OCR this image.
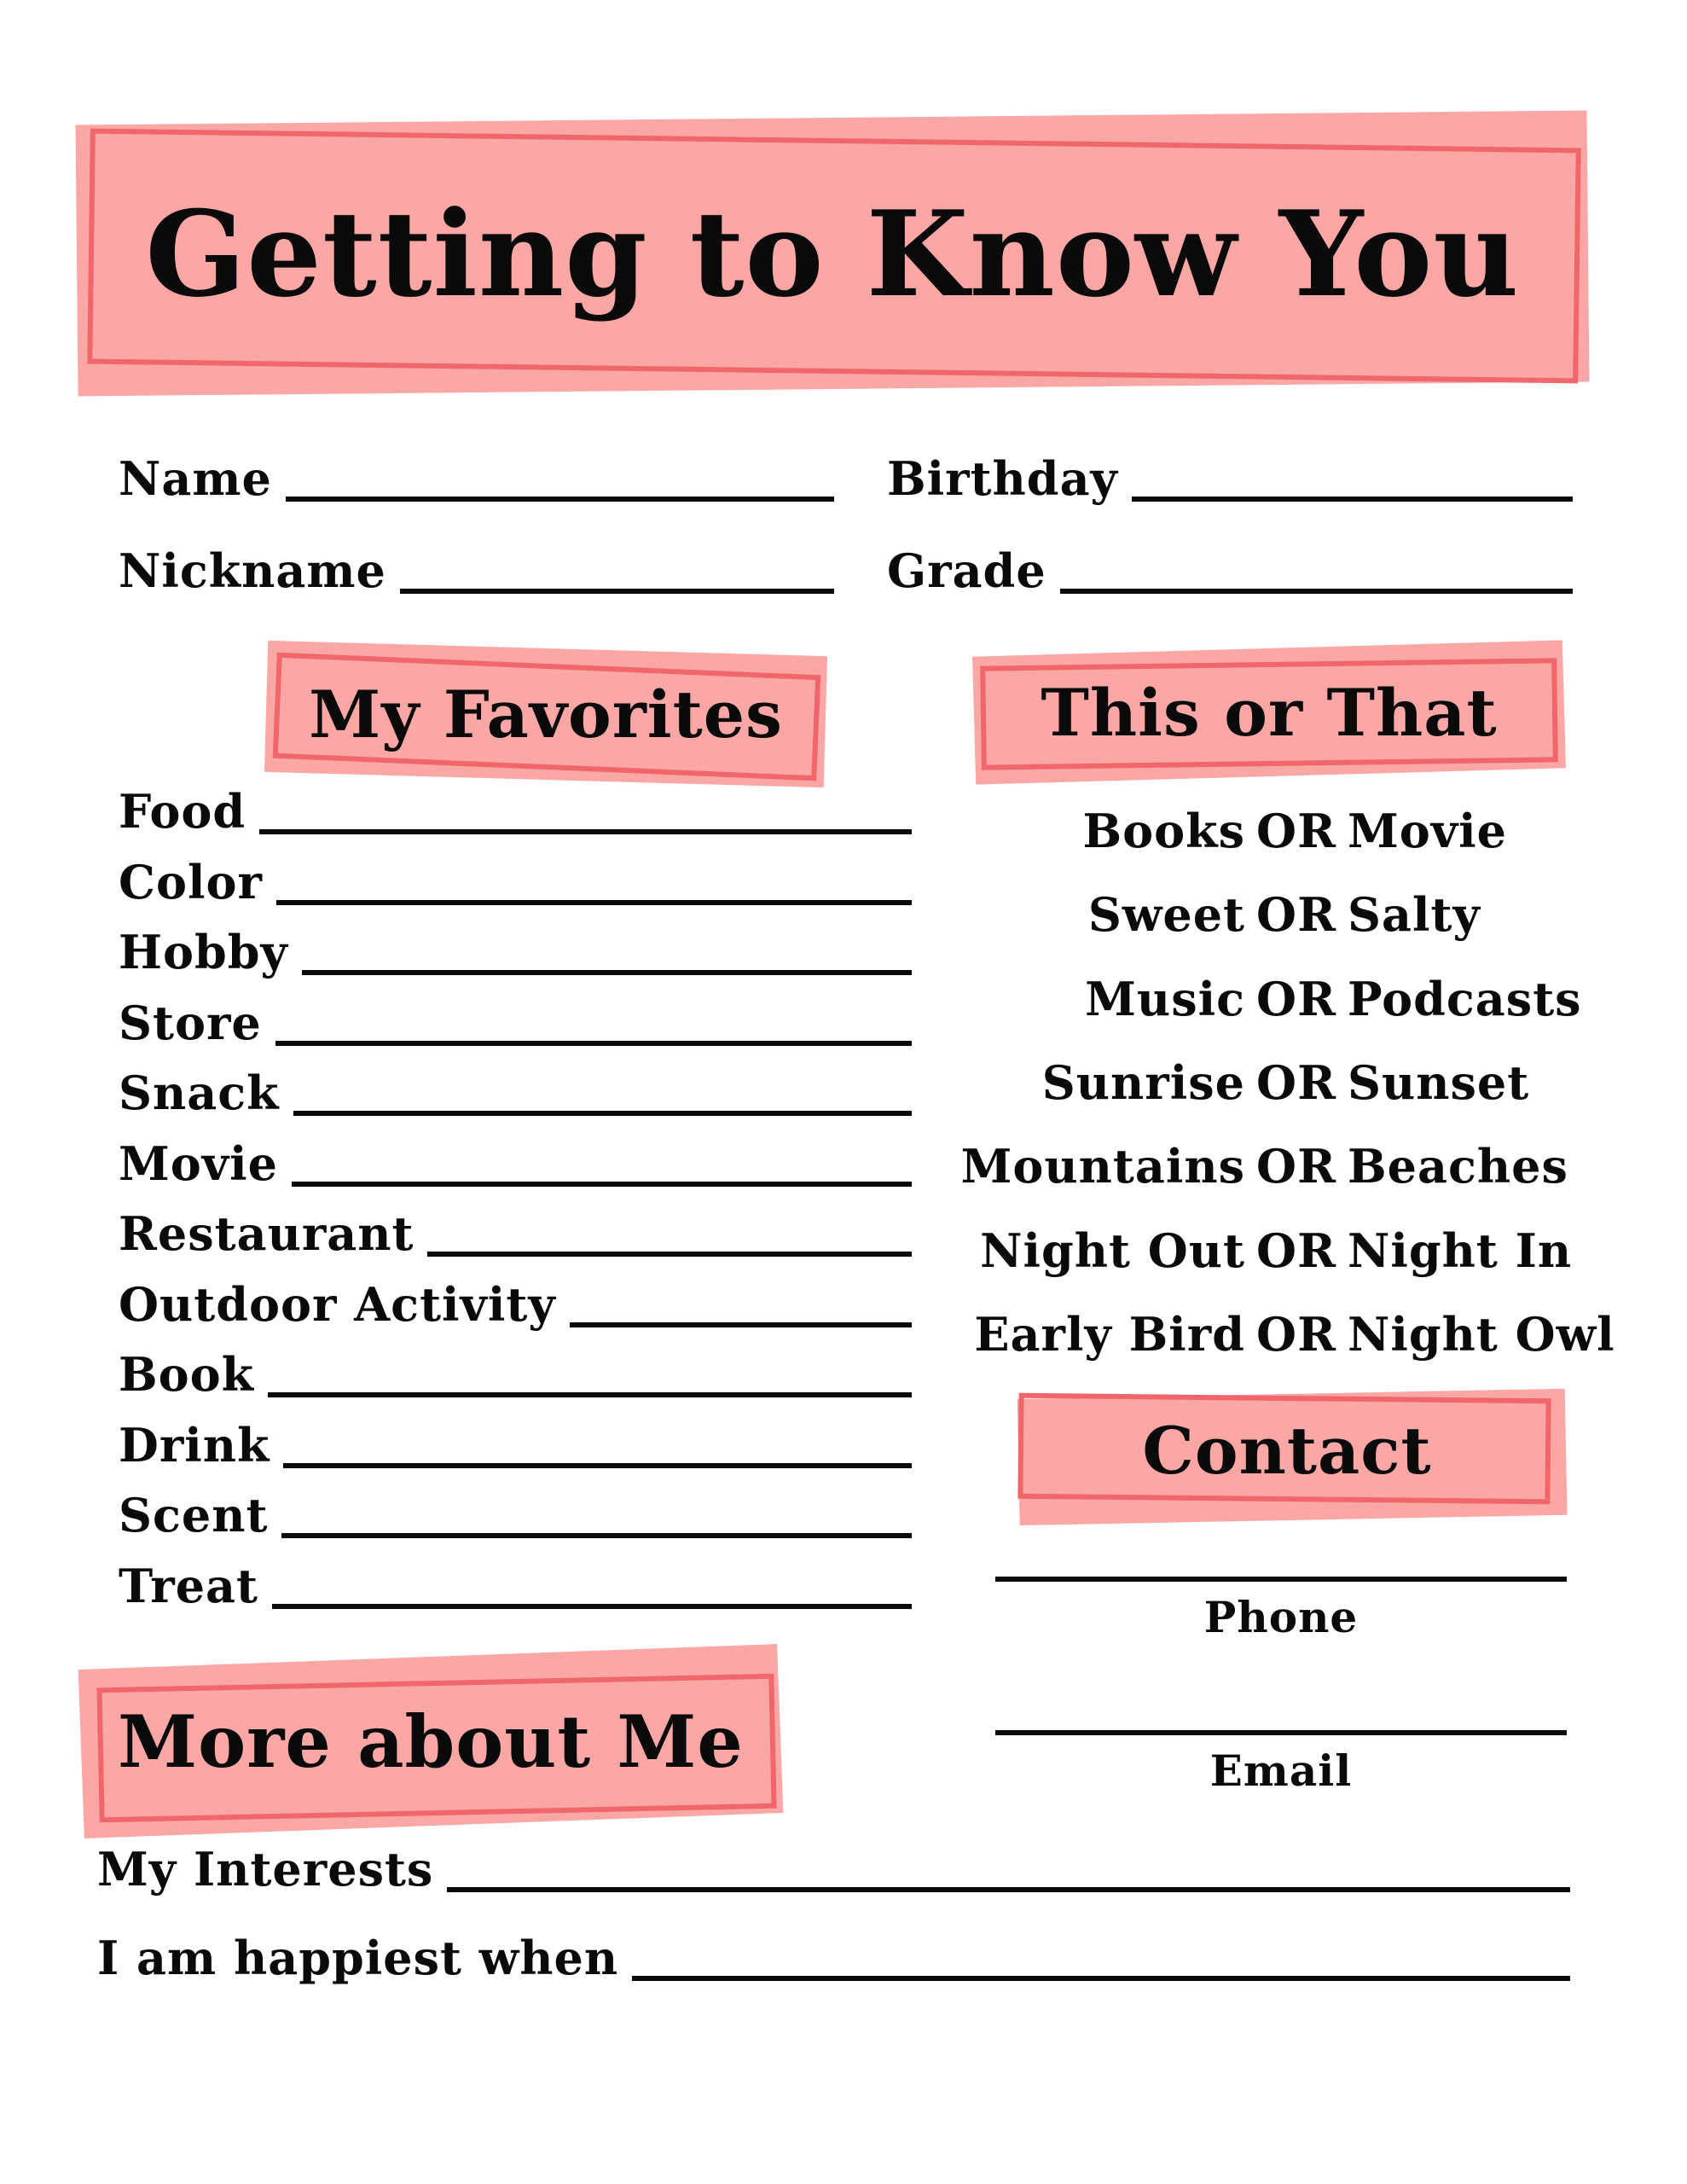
Getting to Know You
Name	Birthday
Nickname	Grade
My Favorites
Food
Color
Hobby
Store
Snack
Movie
Restaurant
Outdoor Activity
Book
Drink
Scent
Treat
This or That
Books OR Movie
Sweet OR Salty
Music OR Podcasts
Sunrise OR Sunset
Mountains OR Beaches
Night Out OR Night In
Early Bird OR Night Owl
Contact
Phone
Email
More about Me
My Interests
I am happiest when
